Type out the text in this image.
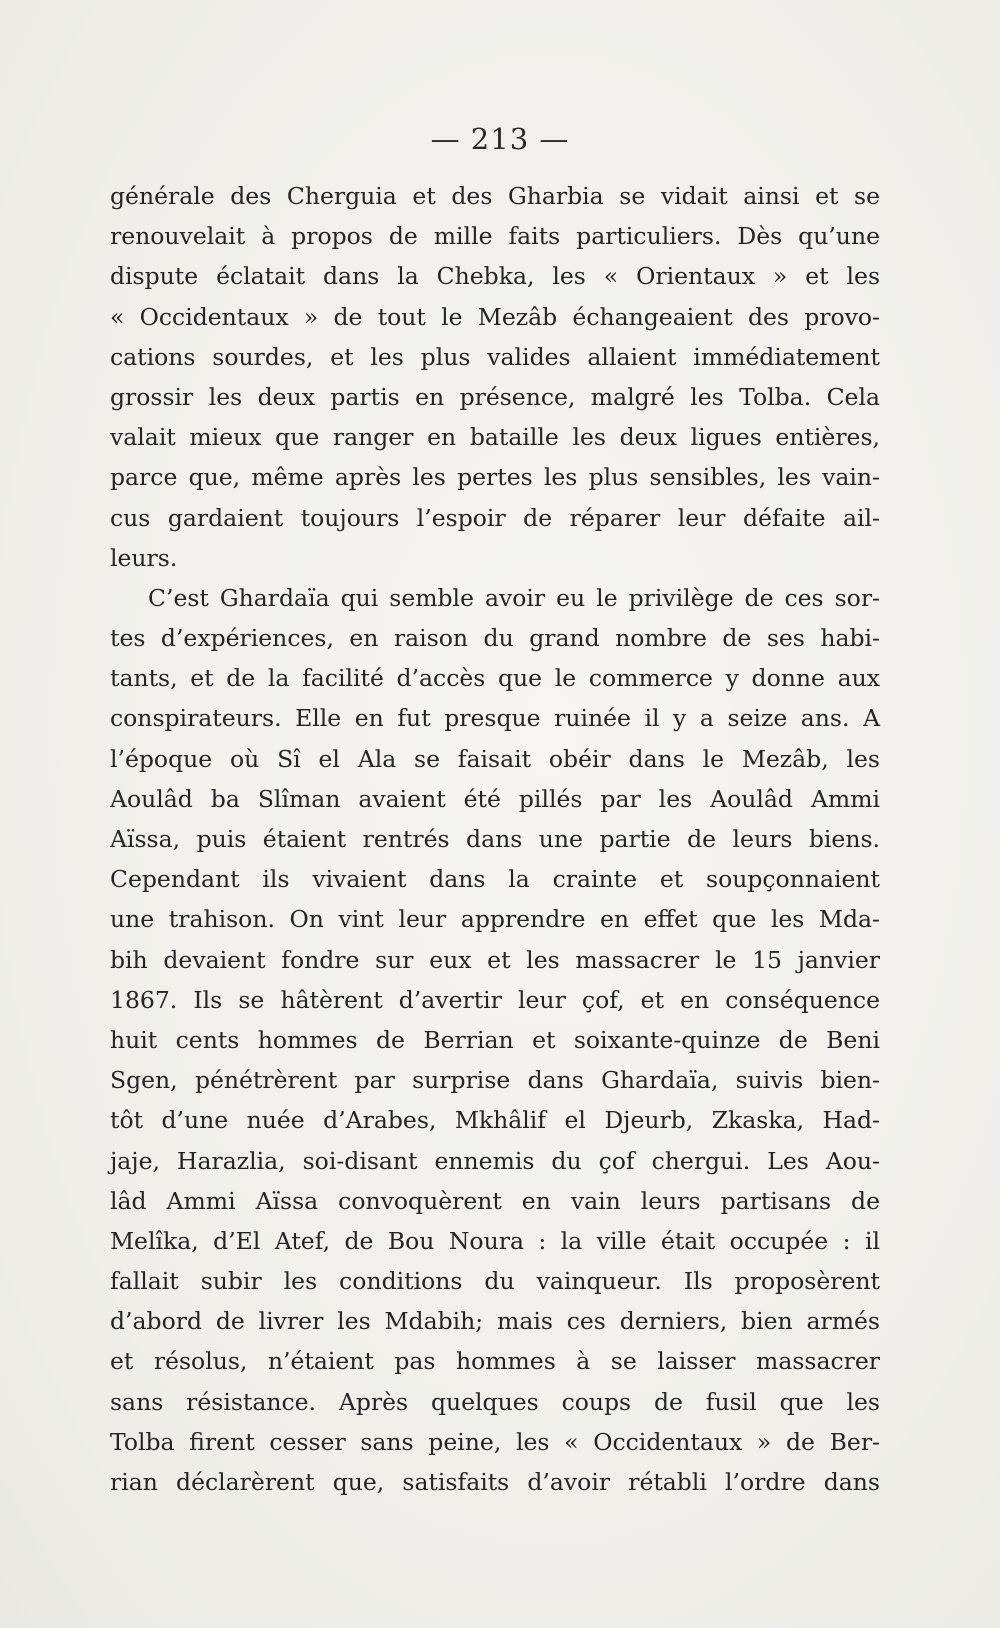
— 213 —
générale des Cherguia et des Gharbia se vidait ainsi et se
renouvelait à propos de mille faits particuliers. Dès qu’une
dispute éclatait dans la Chebka, les « Orientaux » et les
« Occidentaux » de tout le Mezâb échangeaient des provo-
cations sourdes, et les plus valides allaient immédiatement
grossir les deux partis en présence, malgré les Tolba. Cela
valait mieux que ranger en bataille les deux ligues entières,
parce que, même après les pertes les plus sensibles, les vain-
cus gardaient toujours l’espoir de réparer leur défaite ail-
leurs.
C’est Ghardaïa qui semble avoir eu le privilège de ces sor-
tes d’expériences, en raison du grand nombre de ses habi-
tants, et de la facilité d’accès que le commerce y donne aux
conspirateurs. Elle en fut presque ruinée il y a seize ans. A
l’époque où Sî el Ala se faisait obéir dans le Mezâb, les
Aoulâd ba Slîman avaient été pillés par les Aoulâd Ammi
Aïssa, puis étaient rentrés dans une partie de leurs biens.
Cependant ils vivaient dans la crainte et soupçonnaient
une trahison. On vint leur apprendre en effet que les Mda-
bih devaient fondre sur eux et les massacrer le 15 janvier
1867. Ils se hâtèrent d’avertir leur çof, et en conséquence
huit cents hommes de Berrian et soixante-quinze de Beni
Sgen, pénétrèrent par surprise dans Ghardaïa, suivis bien-
tôt d’une nuée d’Arabes, Mkhâlif el Djeurb, Zkaska, Had-
jaje, Harazlia, soi-disant ennemis du çof chergui. Les Aou-
lâd Ammi Aïssa convoquèrent en vain leurs partisans de
Melîka, d’El Atef, de Bou Noura : la ville était occupée : il
fallait subir les conditions du vainqueur. Ils proposèrent
d’abord de livrer les Mdabih; mais ces derniers, bien armés
et résolus, n’étaient pas hommes à se laisser massacrer
sans résistance. Après quelques coups de fusil que les
Tolba firent cesser sans peine, les « Occidentaux » de Ber-
rian déclarèrent que, satisfaits d’avoir rétabli l’ordre dans
